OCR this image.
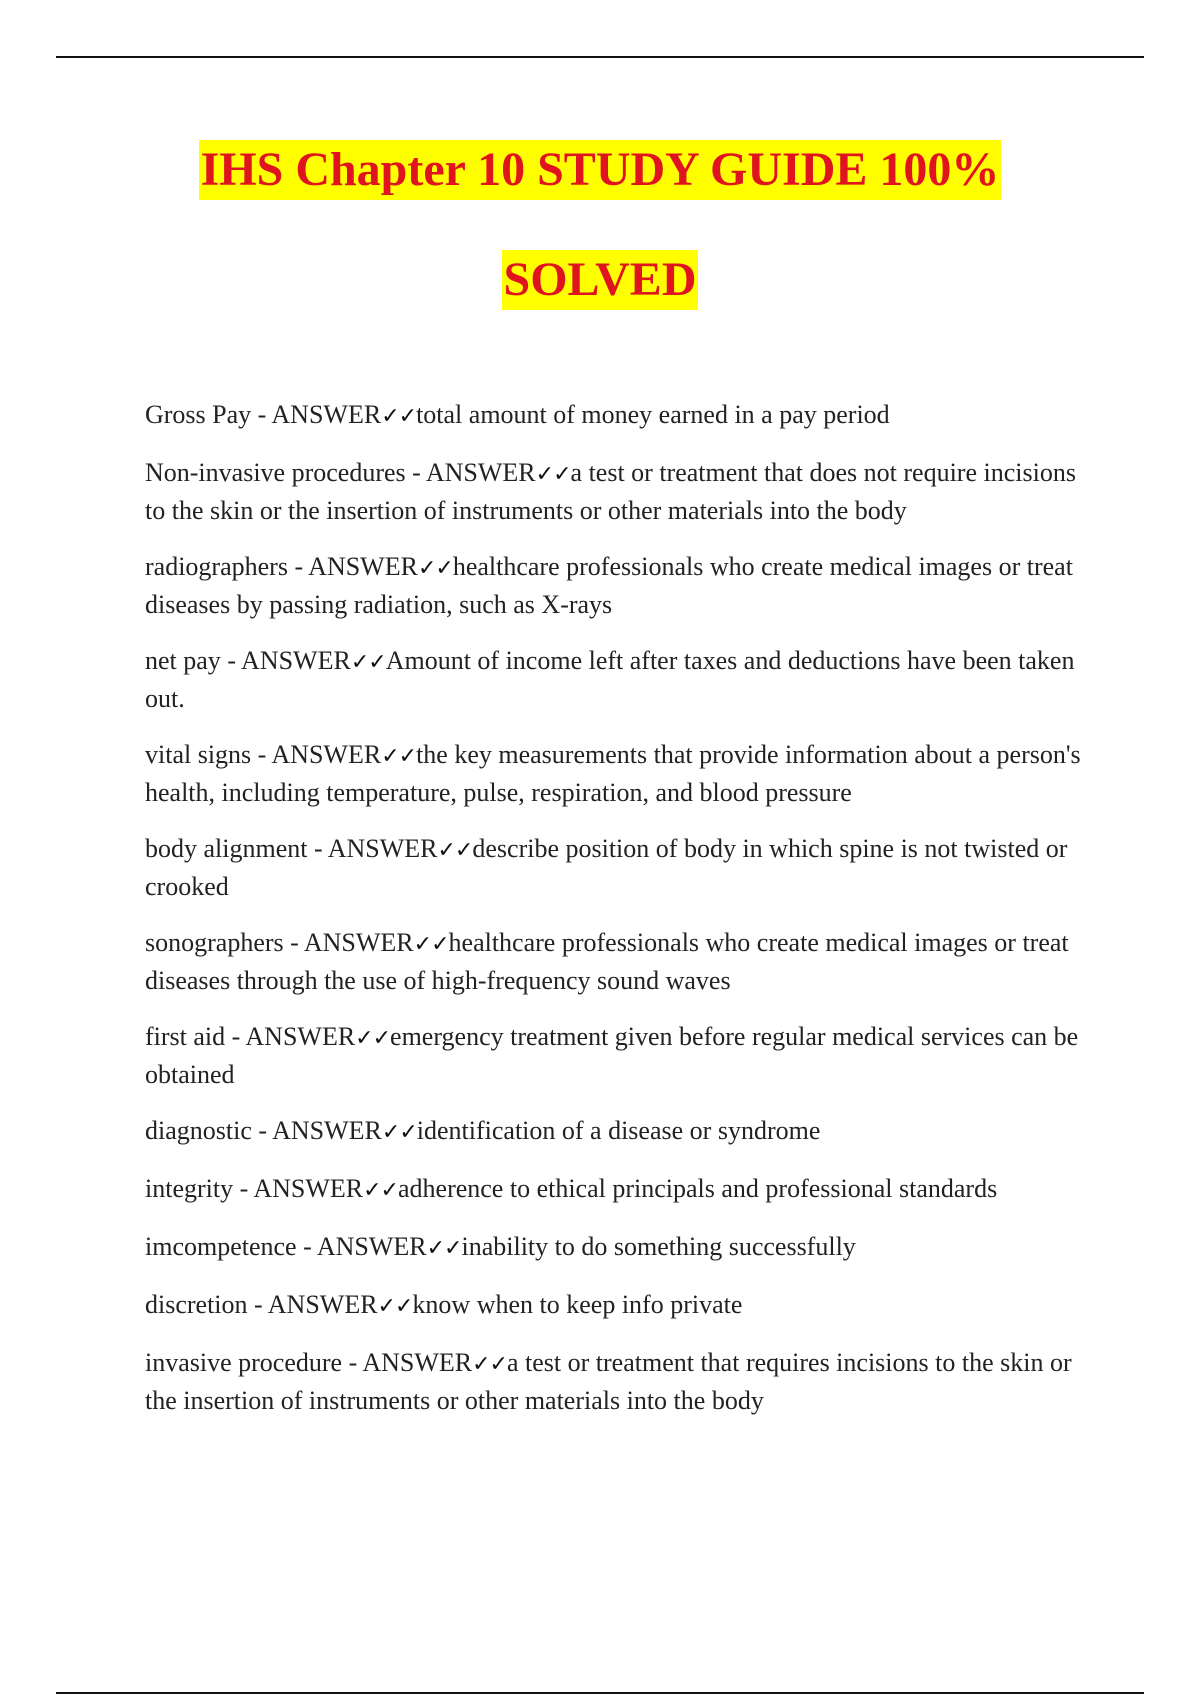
IHS Chapter 10 STUDY GUIDE 100%
SOLVED
Gross Pay - ANSWER✓✓total amount of money earned in a pay period
Non-invasive procedures - ANSWER✓✓a test or treatment that does not require incisions to the skin or the insertion of instruments or other materials into the body
radiographers - ANSWER✓✓healthcare professionals who create medical images or treat diseases by passing radiation, such as X-rays
net pay - ANSWER✓✓Amount of income left after taxes and deductions have been taken out.
vital signs - ANSWER✓✓the key measurements that provide information about a person's health, including temperature, pulse, respiration, and blood pressure
body alignment - ANSWER✓✓describe position of body in which spine is not twisted or crooked
sonographers - ANSWER✓✓healthcare professionals who create medical images or treat diseases through the use of high-frequency sound waves
first aid - ANSWER✓✓emergency treatment given before regular medical services can be obtained
diagnostic - ANSWER✓✓identification of a disease or syndrome
integrity - ANSWER✓✓adherence to ethical principals and professional standards
imcompetence - ANSWER✓✓inability to do something successfully
discretion - ANSWER✓✓know when to keep info private
invasive procedure - ANSWER✓✓a test or treatment that requires incisions to the skin or the insertion of instruments or other materials into the body
